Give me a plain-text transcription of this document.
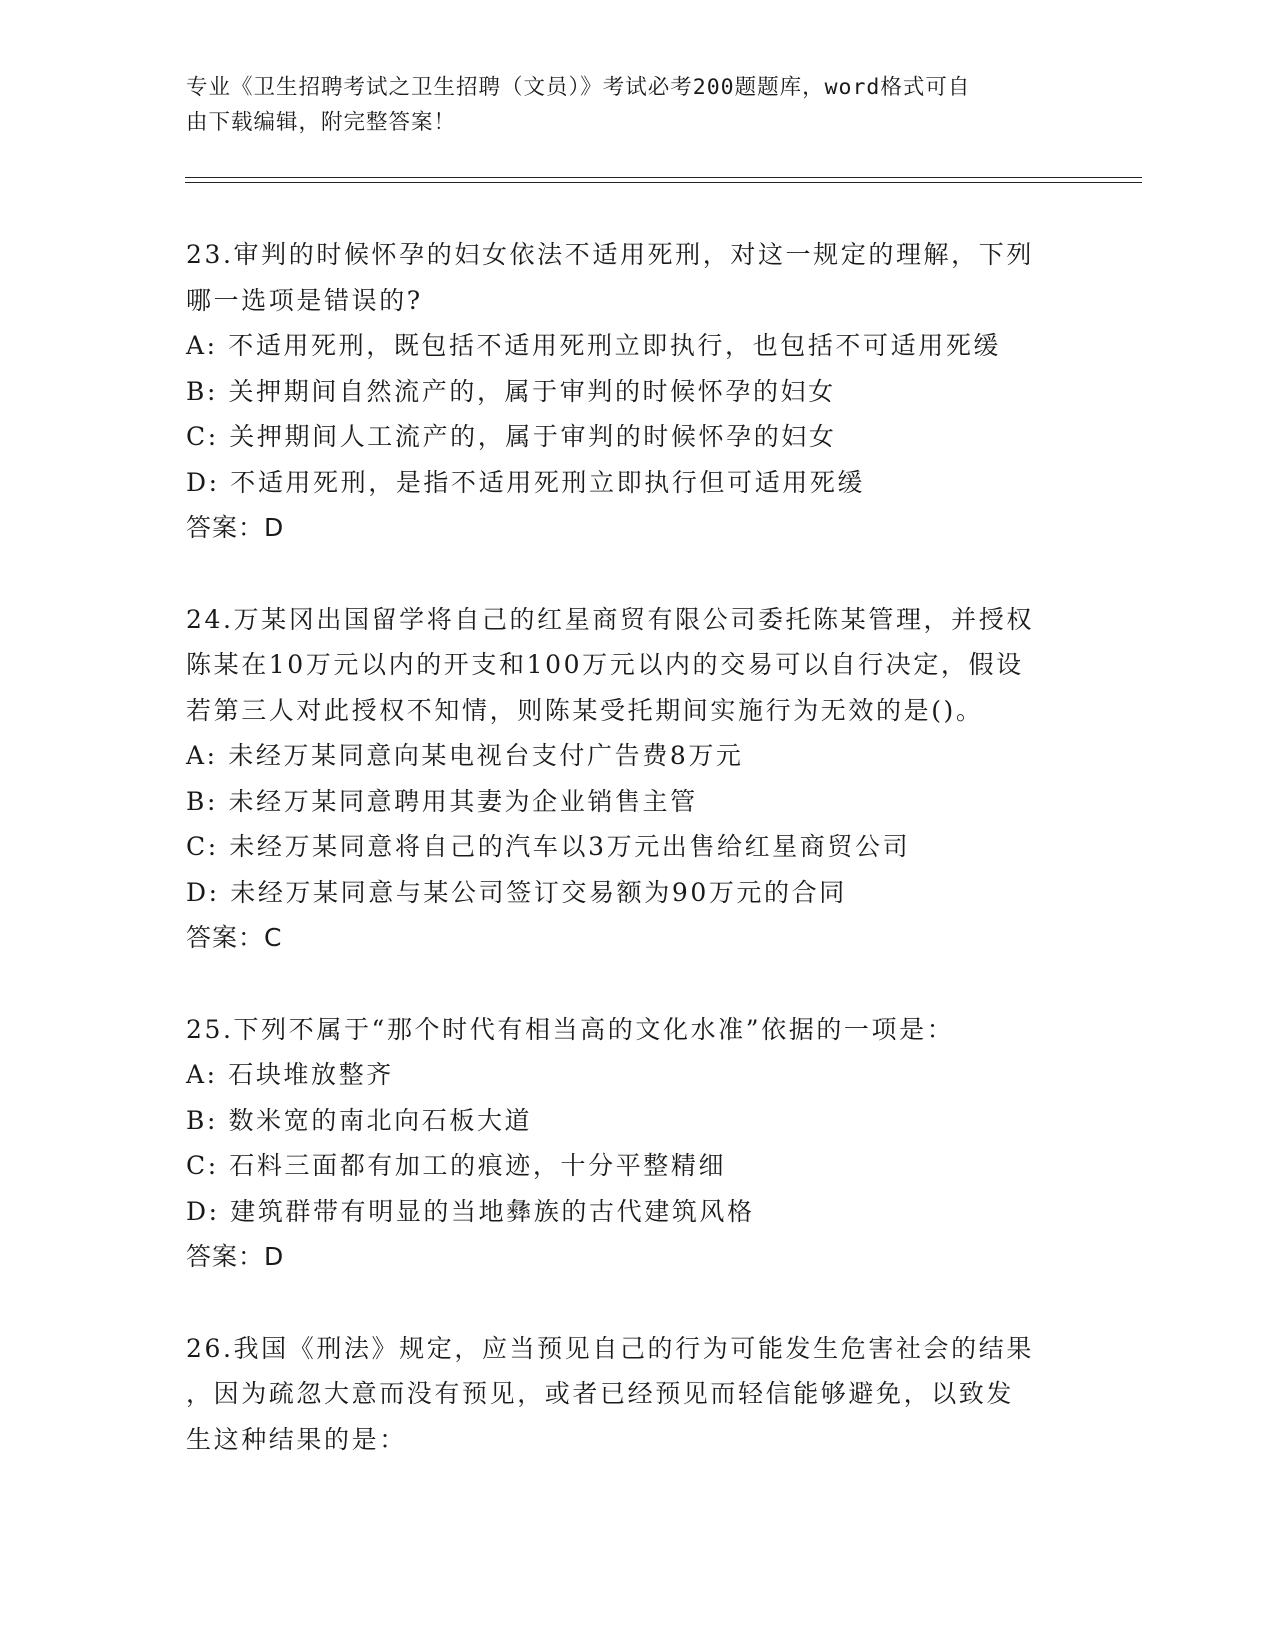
专业《卫生招聘考试之卫生招聘（文员）》考试必考200题题库，word格式可自
由下载编辑，附完整答案！
23.审判的时候怀孕的妇女依法不适用死刑，对这一规定的理解，下列
哪一选项是错误的?
A: 不适用死刑，既包括不适用死刑立即执行，也包括不可适用死缓
B: 关押期间自然流产的，属于审判的时候怀孕的妇女
C: 关押期间人工流产的，属于审判的时候怀孕的妇女
D: 不适用死刑，是指不适用死刑立即执行但可适用死缓
答案：D
24.万某冈出国留学将自己的红星商贸有限公司委托陈某管理，并授权
陈某在10万元以内的开支和100万元以内的交易可以自行决定，假设
若第三人对此授权不知情，则陈某受托期间实施行为无效的是()。
A: 未经万某同意向某电视台支付广告费8万元
B: 未经万某同意聘用其妻为企业销售主管
C: 未经万某同意将自己的汽车以3万元出售给红星商贸公司
D: 未经万某同意与某公司签订交易额为90万元的合同
答案：C
25.下列不属于“那个时代有相当高的文化水准”依据的一项是：
A: 石块堆放整齐
B: 数米宽的南北向石板大道
C: 石料三面都有加工的痕迹，十分平整精细
D: 建筑群带有明显的当地彝族的古代建筑风格
答案：D
26.我国《刑法》规定，应当预见自己的行为可能发生危害社会的结果
，因为疏忽大意而没有预见，或者已经预见而轻信能够避免，以致发
生这种结果的是：
